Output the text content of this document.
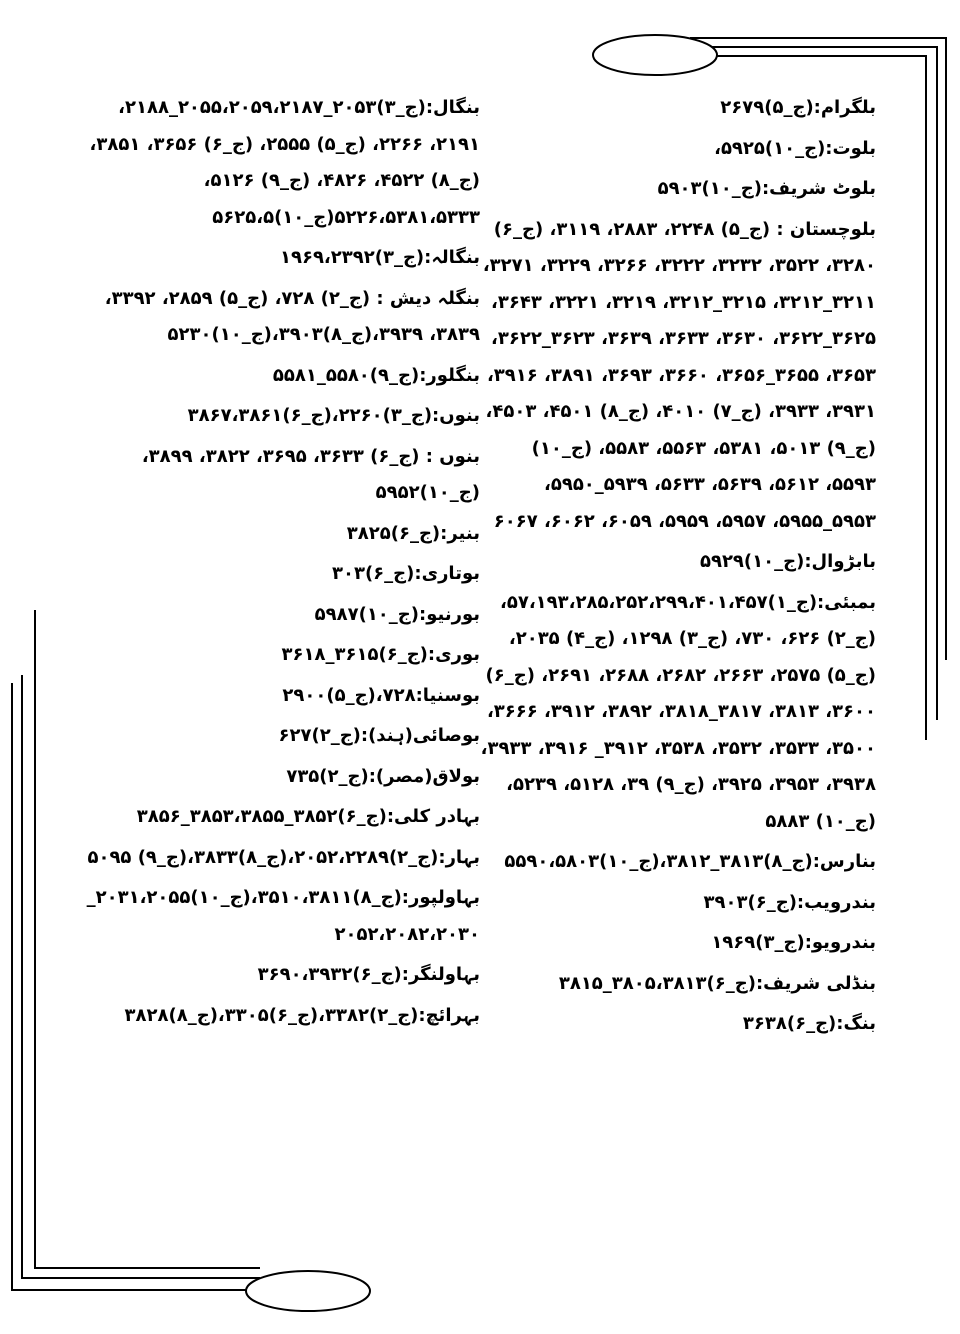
بلگرام:(ج_۵)۲۶۷۹
بلوت:(ج_۱۰)۵۹۲۵،
بلوٹ شریف:(ج_۱۰)۵۹۰۳
بلوچستان : (ج_۵) ۲۲۴۸، ۲۸۸۳، ۳۱۱۹، (ج_۶) ۳۲۸۰، ۳۵۲۲، ۳۲۳۲، ۳۲۲۲، ۳۲۶۶، ۳۲۲۹، ۳۲۷۱، ۳۲۱۱_۳۲۱۲، ۳۲۱۵_۳۲۱۲، ۳۲۱۹، ۳۲۲۱، ۳۶۴۳، ۳۶۲۵_۳۶۲۲، ۳۶۳۰، ۳۶۳۳، ۳۶۳۹، ۳۶۲۳_۳۶۲۲، ۳۶۵۳، ۳۶۵۵_۳۶۵۶، ۳۶۶۰، ۳۶۹۳، ۳۸۹۱، ۳۹۱۶، ۳۹۳۱، ۳۹۳۳، (ج_۷) ۴۰۱۰، (ج_۸) ۴۵۰۱، ۴۵۰۳، (ج_۹) ۵۰۱۳، ۵۳۸۱، ۵۵۶۳، ۵۵۸۳، (ج_۱۰) ۵۵۹۳، ۵۶۱۲، ۵۶۳۹، ۵۶۳۳، ۵۹۳۹_۵۹۵۰، ۵۹۵۳_۵۹۵۵، ۵۹۵۷، ۵۹۵۹، ۶۰۵۹، ۶۰۶۲، ۶۰۶۷
بابڑوال:(ج_۱۰)۵۹۲۹
بمبئی:(ج_۱)۵۷،۱۹۳،۲۸۵،۲۵۲،۲۹۹،۴۰۱،۴۵۷، (ج_۲) ۶۲۶، ۷۳۰، (ج_۳) ۱۲۹۸، (ج_۴) ۲۰۳۵، (ج_۵) ۲۵۷۵، ۲۶۶۳، ۲۶۸۲، ۲۶۸۸، ۲۶۹۱، (ج_۶) ۳۶۰۰، ۳۸۱۳، ۳۸۱۷_۳۸۱۸، ۳۸۹۲، ۳۹۱۲، ۳۶۶۶، ۳۵۰۰، ۳۵۳۳، ۳۵۳۲، ۳۵۳۸، ۳۹۱۲_ ۳۹۱۶، ۳۹۳۳، ۳۹۳۸، ۳۹۵۳، ۳۹۲۵، (ج_۹) ۳۹، ۵۱۲۸، ۵۲۳۹، (ج_۱۰) ۵۸۸۳
بنارس:(ج_۸)۳۸۱۳_۳۸۱۲،(ج_۱۰)۵۵۹۰،۵۸۰۳
بندرویب:(ج_۶)۳۹۰۳
بندرویو:(ج_۳)۱۹۶۹
بنڈلی شریف:(ج_۶)۳۸۰۵،۳۸۱۳_۳۸۱۵
بنگ:(ج_۶)۳۶۳۸
بنگال:(ج_۳)۲۰۵۳_۲۰۵۵،۲۰۵۹،۲۱۸۷_۲۱۸۸، ۲۱۹۱، ۲۲۶۶، (ج_۵) ۲۵۵۵، (ج_۶) ۳۶۵۶، ۳۸۵۱، (ج_۸) ۴۵۲۲، ۴۸۲۶، (ج_۹) ۵۱۲۶، ۵۲۲۶،۵۳۸۱،۵۳۳۳(ج_۱۰)۵۶۲۵،۵
بنگالہ:(ج_۳)۱۹۶۹،۲۳۹۲
بنگلہ دیش : (ج_۲) ۷۲۸، (ج_۵) ۲۸۵۹، ۳۳۹۲، ۳۸۳۹، ۳۹۳۹،(ج_۸)۳۹۰۳،(ج_۱۰)۵۲۳۰
بنگلور:(ج_۹)۵۵۸۰_۵۵۸۱
بنوں:(ج_۳)۲۲۶۰،(ج_۶)۳۸۶۷،۳۸۶۱
بنوں : (ج_۶) ۳۶۳۳، ۳۶۹۵، ۳۸۲۲، ۳۸۹۹، (ج_۱۰)۵۹۵۲
بنیر:(ج_۶)۳۸۲۵
بوتاری:(ج_۶)۳۰۳
بورنیو:(ج_۱۰)۵۹۸۷
بوری:(ج_۶)۳۶۱۵_۳۶۱۸
بوسنیا:۷۲۸،(ج_۵)۲۹۰۰
بوصائی(ہند):(ج_۲)۶۲۷
بولاق(مصر):(ج_۲)۷۳۵
بہادر کلی:(ج_۶)۳۸۵۲_۳۸۵۳،۳۸۵۵_۳۸۵۶
بہار:(ج_۲)۲۰۵۲،۲۲۸۹،(ج_۸)۳۸۳۳،(ج_۹) ۵۰۹۵
بہاولپور:(ج_۸)۳۵۱۰،۳۸۱۱،(ج_۱۰)۲۰۳۱،۲۰۵۵_ ۲۰۵۲،۲۰۸۲،۲۰۳۰
بہاولنگر:(ج_۶)۳۶۹۰،۳۹۳۲
بہرائچ:(ج_۲)۳۳۸۲،(ج_۶)۳۳۰۵،(ج_۸)۳۸۲۸
